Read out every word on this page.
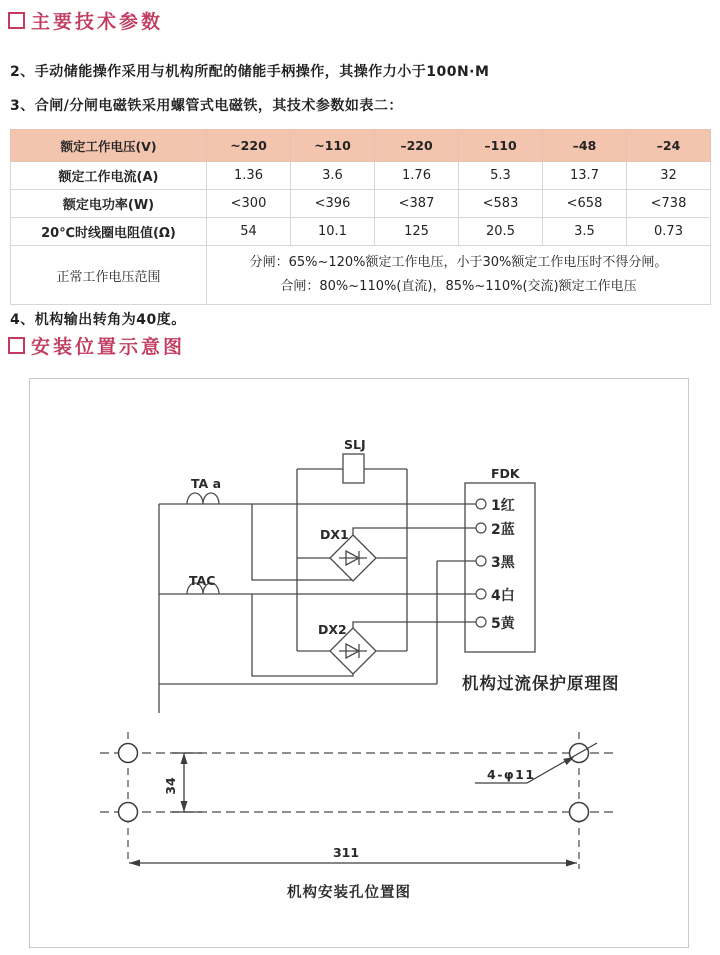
主要技术参数
2、手动储能操作采用与机构所配的储能手柄操作，其操作力小于100N·M
3、合闸/分闸电磁铁采用螺管式电磁铁，其技术参数如表二：
额定工作电压(V)	~220	~110	–220	–110	–48	–24
额定工作电流(A)	1.36	3.6	1.76	5.3	13.7	32
额定电功率(W)	<300	<396	<387	<583	<658	<738
20℃时线圈电阻值(Ω)	54	10.1	125	20.5	3.5	0.73
正常工作电压范围	分闸：65%~120%额定工作电压，小于30%额定工作电压时不得分闸。
合闸：80%~110%(直流)，85%~110%(交流)额定工作电压					
4、机构输出转角为40度。
安装位置示意图
SLJ
FDK
TA a
TAC
DX1
DX2
1红
2蓝
3黑
4白
5黄
机构过流保护原理图
34
311
4-φ11
机构安装孔位置图
